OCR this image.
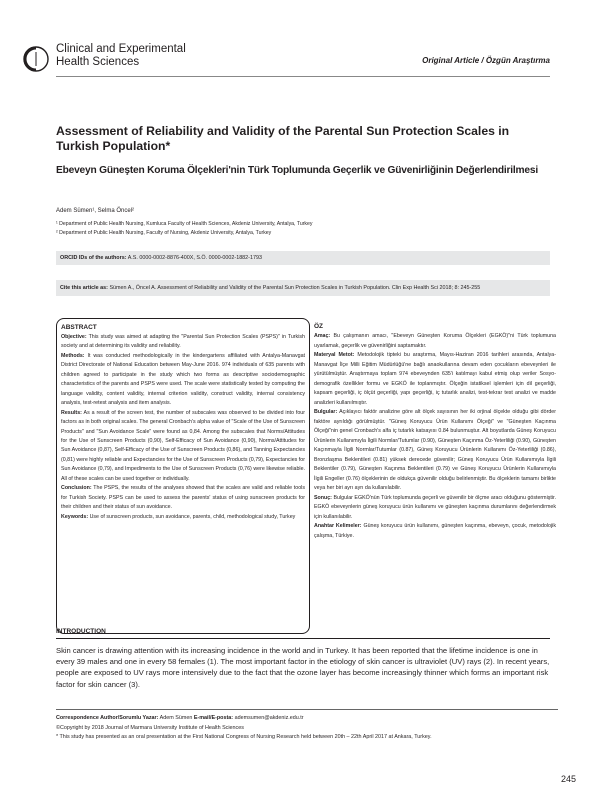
Clinical and Experimental
Health Sciences	Original Article / Özgün Araştırma
Assessment of Reliability and Validity of the Parental Sun Protection Scales in Turkish Population*
Ebeveyn Güneşten Koruma Ölçekleri'nin Türk Toplumunda Geçerlik ve Güvenirliğinin Değerlendirilmesi
Adem Sümen¹, Selma Öncel²
¹ Department of Public Health Nursing, Kumluca Faculty of Health Sciences, Akdeniz University, Antalya, Turkey
² Department of Public Health Nursing, Faculty of Nursing, Akdeniz University, Antalya, Turkey
ORCID IDs of the authors: A.S. 0000-0002-8876-400X, S.Ö. 0000-0002-1882-1793
Cite this article as: Sümen A., Öncel A. Assessment of Reliability and Validity of the Parental Sun Protection Scales in Turkish Population. Clin Exp Health Sci 2018; 8: 245-255
ABSTRACT
Objective: This study was aimed at adapting the "Parental Sun Protection Scales (PSPS)" in Turkish society and at determining its validity and reliability.
Methods: It was conducted methodologically in the kindergartens affiliated with Antalya-Manavgat District Directorate of National Education between May-June 2016. 974 individuals of 635 parents with children agreed to participate in the study which two forms as descriptive sociodemographic characteristics of the parents and PSPS were used. The scale were statistically tested by computing the language validity, content validity, internal criterion validity, construct validity, internal consistency analysis, test-retest analysis and item analysis.
Results: As a result of the screen test, the number of subscales was observed to be divided into four factors as in both original scales. The general Cronbach's alpha value of "Scale of the Use of Sunscreen Products" and "Sun Avoidance Scale" were found as 0,84. Among the subscales that Norms/Attitudes for the Use of Sunscreen Products (0,90), Self-Efficacy of Sun Avoidance (0,90), Norms/Attitudes for Sun Avoidance (0,87), Self-Efficacy of the Use of Sunscreen Products (0,86), and Tanning Expectancies (0,81) were highly reliable and Expectancies for the Use of Sunscreen Products (0,79), Expectancies for Sun Avoidance (0,79), and Impediments to the Use of Sunscreen Products (0,76) were likewise reliable. All of these scales can be used together or individually.
Conclusion: The PSPS, the results of the analyses showed that the scales are valid and reliable tools for Turkish Society. PSPS can be used to assess the parents' status of using sunscreen products for their children and their status of sun avoidance.
Keywords: Use of sunscreen products, sun avoidance, parents, child, methodological study, Turkey
ÖZ
Amaç: Bu çalışmanın amacı, "Ebeveyn Güneşten Koruma Ölçekleri (EGKÖ)"ni Türk toplumuna uyarlamak, geçerlik ve güvenirliğini saptamaktır.
Materyal Metot: Metodolojik tipteki bu araştırma, Mayıs-Haziran 2016 tarihleri arasında, Antalya-Manavgat İlçe Milli Eğitim Müdürlüğü'ne bağlı anaokullarına devam eden çocukların ebeveynleri ile yürütülmüştür. Araştırmaya toplam 974 ebeveynden 635'i katılmayı kabul etmiş olup veriler Sosyo-demografik özellikler formu ve EGKÖ ile toplanmıştır. Ölçeğin istatiksel işlemleri için dil geçerliği, kapsam geçerliği, iç ölçüt geçerliği, yapı geçerliği, iç tutarlık analizi, test-tekrar test analizi ve madde analizleri kullanılmıştır.
Bulgular: Açıklayıcı faktör analizine göre alt ölçek sayısının her iki orjinal ölçekte olduğu gibi dörder faktöre ayrıldığı görülmüştür. "Güneş Koruyucu Ürün Kullanımı Ölçeği" ve "Güneşten Kaçınma Ölçeği"nin genel Cronbach's alfa iç tutarlık katsayısı 0.84 bulunmuştur. Alt boyutlarda Güneş Koruyucu Ürünlerin Kullanımıyla İlgili Normlar/Tutumlar (0.90), Güneşten Kaçınma Öz-Yeterliliği (0.90), Güneşten Kaçınmayla İlgili Normlar/Tutumlar (0.87), Güneş Koruyucu Ürünlerin Kullanımı Öz-Yeterliliği (0.86), Bronzlaşma Beklentileri (0.81) yüksek derecede güvenilir; Güneş Koruyucu Ürün Kullanımıyla İlgili Beklentiler (0.79), Güneşten Kaçınma Beklentileri (0.79) ve Güneş Koruyucu Ürünlerin Kullanımıyla İlgili Engeller (0.76) ölçeklerinin de oldukça güvenilir olduğu belirlenmiştir. Bu ölçeklerin tamamı birlikte veya her biri ayrı ayrı da kullanılabilir.
Sonuç: Bulgular EGKÖ'nün Türk toplumunda geçerli ve güvenilir bir ölçme aracı olduğunu göstermiştir. EGKÖ ebeveynlerin güneş koruyucu ürün kullanımı ve güneşten kaçınma durumlarını değerlendirmek için kullanılabilir.
Anahtar Kelimeler: Güneş koruyucu ürün kullanımı, güneşten kaçınma, ebeveyn, çocuk, metodolojik çalışma, Türkiye.
INTRODUCTION
Skin cancer is drawing attention with its increasing incidence in the world and in Turkey. It has been reported that the lifetime incidence is one in every 39 males and one in every 58 females (1). The most important factor in the etiology of skin cancer is ultraviolet (UV) rays (2). In recent years, people are exposed to UV rays more intensively due to the fact that the ozone layer has become increasingly thinner which forms an important risk factor for skin cancer (3).
Correspondence Author/Sorumlu Yazar: Adem Sümen E-mail/E-posta: ademsumen@akdeniz.edu.tr
©Copyright by 2018 Journal of Marmara University Institute of Health Sciences
* This study has presented as an oral presentation at the First National Congress of Nursing Research held between 20th – 22th April 2017 at Ankara, Turkey.
245
